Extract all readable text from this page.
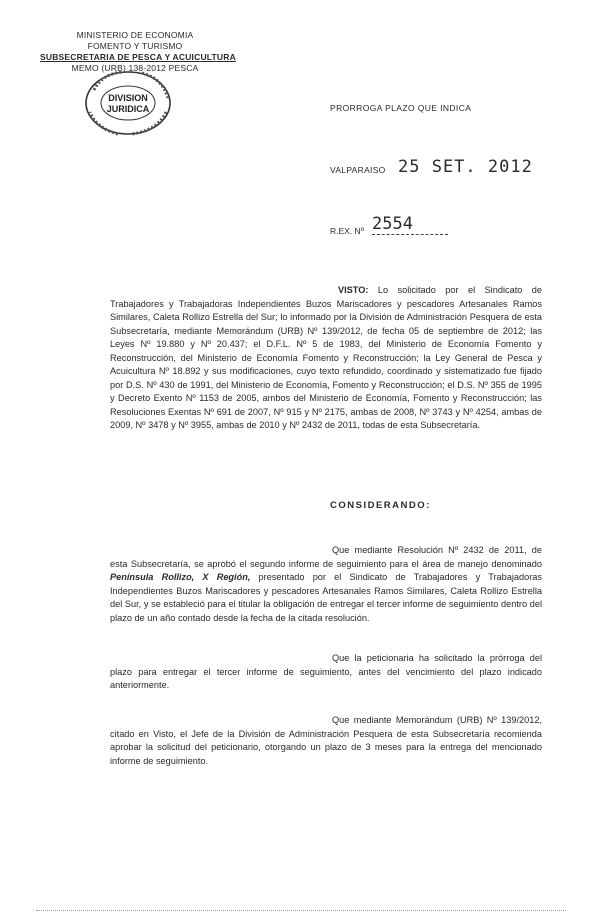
MINISTERIO DE ECONOMIA
FOMENTO Y TURISMO
SUBSECRETARIA DE PESCA Y ACUICULTURA
MEMO (URB) 138-2012 PESCA
DIVISION
JURIDICA	PRORROGA PLAZO QUE INDICA
VALPARAISO 25 SET. 2012
R.EX. Nº 2554
VISTO: Lo solicitado por el Sindicato de Trabajadores y Trabajadoras Independientes Buzos Mariscadores y pescadores Artesanales Ramos Similares, Caleta Rollizo Estrella del Sur; lo informado por la División de Administración Pesquera de esta Subsecretaría, mediante Memorándum (URB) Nº 139/2012, de fecha 05 de septiembre de 2012; las Leyes Nº 19.880 y Nº 20.437; el D.F.L. Nº 5 de 1983, del Ministerio de Economía Fomento y Reconstrucción, del Ministerio de Economía Fomento y Reconstrucción; la Ley General de Pesca y Acuicultura Nº 18.892 y sus modificaciones, cuyo texto refundido, coordinado y sistematizado fue fijado por D.S. Nº 430 de 1991, del Ministerio de Economía, Fomento y Reconstrucción; el D.S. Nº 355 de 1995 y Decreto Exento Nº 1153 de 2005, ambos del Ministerio de Economía, Fomento y Reconstrucción; las Resoluciones Exentas Nº 691 de 2007, Nº 915 y Nº 2175, ambas de 2008, Nº 3743 y Nº 4254, ambas de 2009, Nº 3478 y Nº 3955, ambas de 2010 y Nº 2432 de 2011, todas de esta Subsecretaría.
CONSIDERANDO:
Que mediante Resolución Nº 2432 de 2011, de esta Subsecretaría, se aprobó el segundo informe de seguimiento para el área de manejo denominado Península Rollizo, X Región, presentado por el Sindicato de Trabajadores y Trabajadoras Independientes Buzos Mariscadores y pescadores Artesanales Ramos Similares, Caleta Rollizo Estrella del Sur, y se estableció para el titular la obligación de entregar el tercer informe de seguimiento dentro del plazo de un año contado desde la fecha de la citada resolución.
Que la peticionaria ha solicitado la prórroga del plazo para entregar el tercer informe de seguimiento, antes del vencimiento del plazo indicado anteriormente.
Que mediante Memorándum (URB) Nº 139/2012, citado en Visto, el Jefe de la División de Administración Pesquera de esta Subsecretaría recomienda aprobar la solicitud del peticionario, otorgando un plazo de 3 meses para la entrega del mencionado informe de seguimiento.
